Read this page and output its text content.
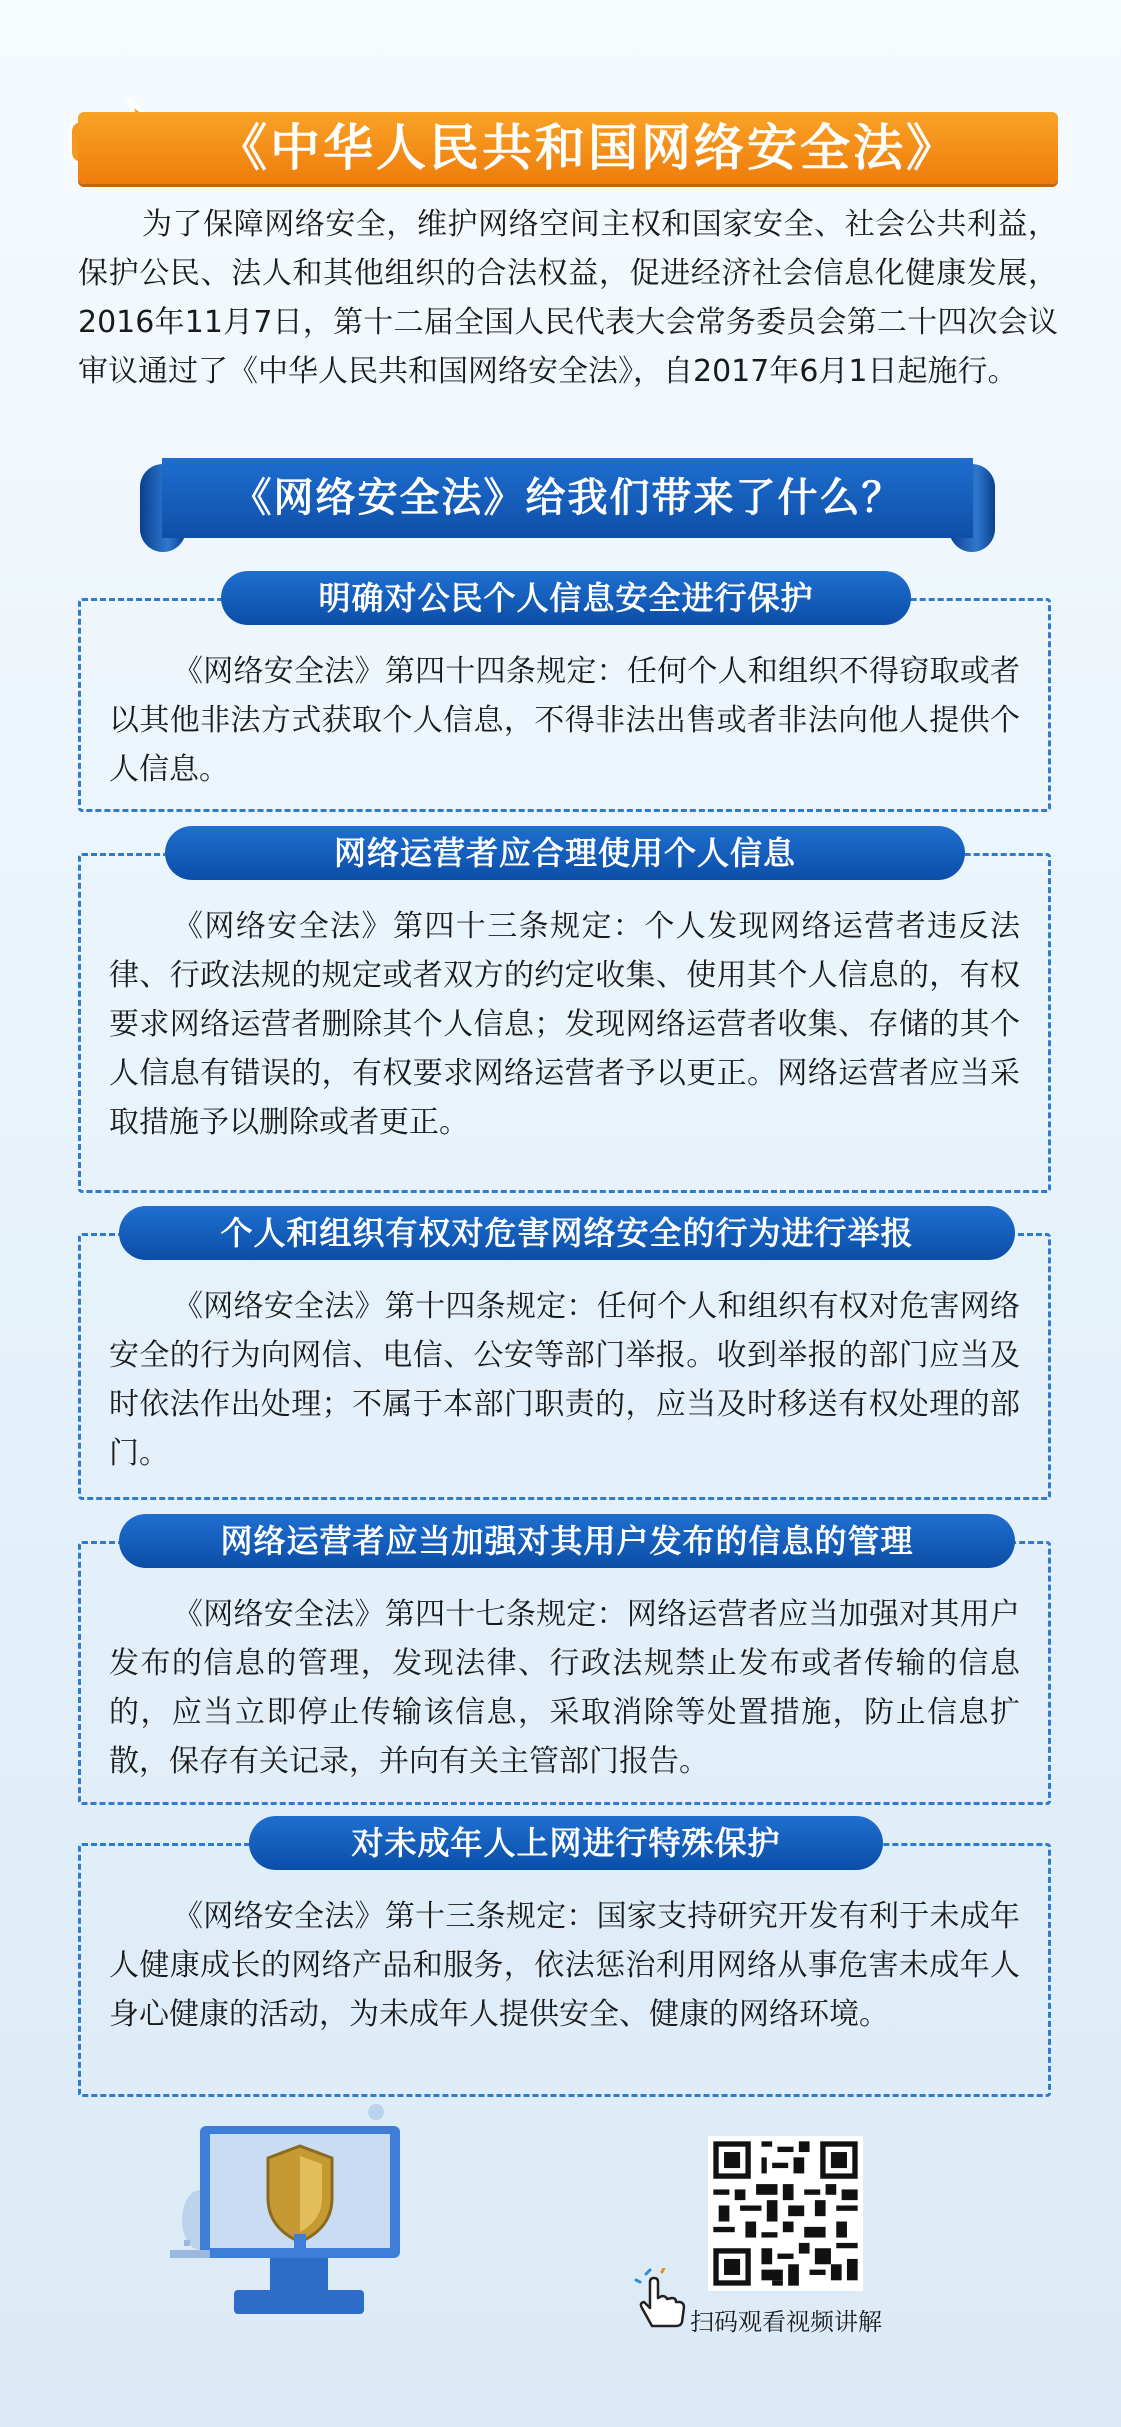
《中华人民共和国网络安全法》

为了保障网络安全，维护网络空间主权和国家安全、社会公共利益，保护公民、法人和其他组织的合法权益，促进经济社会信息化健康发展，2016年11月7日，第十二届全国人民代表大会常务委员会第二十四次会议审议通过了《中华人民共和国网络安全法》，自2017年6月1日起施行。

《网络安全法》给我们带来了什么？
明确对公民个人信息安全进行保护

《网络安全法》第四十四条规定：任何个人和组织不得窃取或者以其他非法方式获取个人信息，不得非法出售或者非法向他人提供个人信息。

网络运营者应合理使用个人信息

《网络安全法》第四十三条规定：个人发现网络运营者违反法律、行政法规的规定或者双方的约定收集、使用其个人信息的，有权要求网络运营者删除其个人信息；发现网络运营者收集、存储的其个人信息有错误的，有权要求网络运营者予以更正。网络运营者应当采取措施予以删除或者更正。

个人和组织有权对危害网络安全的行为进行举报

《网络安全法》第十四条规定：任何个人和组织有权对危害网络安全的行为向网信、电信、公安等部门举报。收到举报的部门应当及时依法作出处理；不属于本部门职责的，应当及时移送有权处理的部门。

网络运营者应当加强对其用户发布的信息的管理

《网络安全法》第四十七条规定：网络运营者应当加强对其用户发布的信息的管理，发现法律、行政法规禁止发布或者传输的信息的，应当立即停止传输该信息，采取消除等处置措施，防止信息扩散，保存有关记录，并向有关主管部门报告。

对未成年人上网进行特殊保护

《网络安全法》第十三条规定：国家支持研究开发有利于未成年人健康成长的网络产品和服务，依法惩治利用网络从事危害未成年人身心健康的活动，为未成年人提供安全、健康的网络环境。

扫码观看视频讲解
